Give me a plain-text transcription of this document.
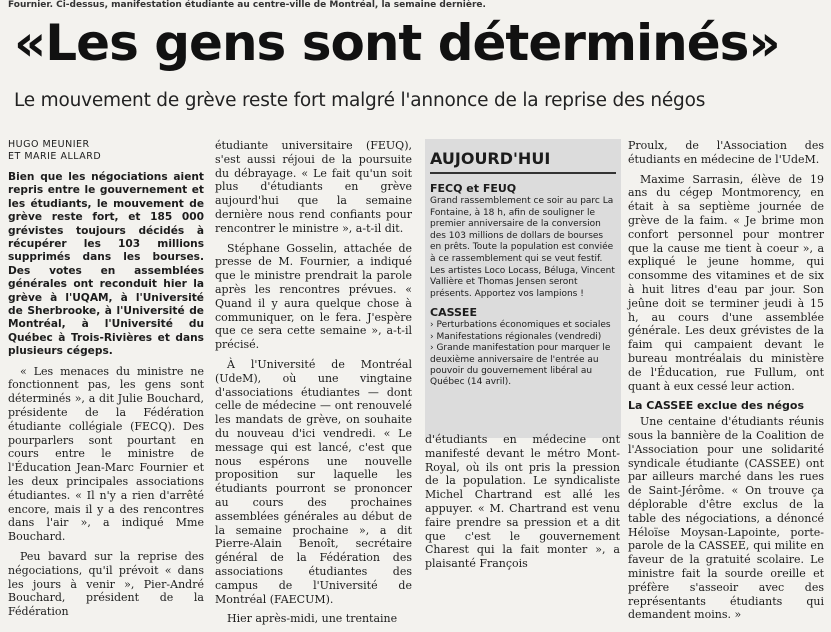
Fournier. Ci-dessus, manifestation étudiante au centre-ville de Montréal, la semaine dernière.
«Les gens sont déterminés»
Le mouvement de grève reste fort malgré l'annonce de la reprise des négos
HUGO MEUNIER
ET MARIE ALLARD

Bien que les négociations aient repris entre le gouvernement et les étudiants, le mouvement de grève reste fort, et 185 000 grévistes toujours décidés à récupérer les 103 millions supprimés dans les bourses. Des votes en assemblées générales ont reconduit hier la grève à l'UQAM, à l'Université de Sherbrooke, à l'Université de Montréal, à l'Université du Québec à Trois-Rivières et dans plusieurs cégeps.

« Les menaces du ministre ne fonctionnent pas, les gens sont déterminés », a dit Julie Bouchard, présidente de la Fédération étudiante collégiale (FECQ). Des pourparlers sont pourtant en cours entre le ministre de l'Éducation Jean-Marc Fournier et les deux principales associations étudiantes. « Il n'y a rien d'arrêté encore, mais il y a des rencontres dans l'air », a indiqué Mme Bouchard.

Peu bavard sur la reprise des négociations, qu'il prévoit « dans les jours à venir », Pier-André Bouchard, président de la Fédération

étudiante universitaire (FEUQ), s'est aussi réjoui de la poursuite du débrayage. « Le fait qu'un soit plus d'étudiants en grève aujourd'hui que la semaine dernière nous rend confiants pour rencontrer le ministre », a-t-il dit.

Stéphane Gosselin, attachée de presse de M. Fournier, a indiqué que le ministre prendrait la parole après les rencontres prévues. « Quand il y aura quelque chose à communiquer, on le fera. J'espère que ce sera cette semaine », a-t-il précisé.

À l'Université de Montréal (UdeM), où une vingtaine d'associations étudiantes — dont celle de médecine — ont renouvelé les mandats de grève, on souhaite du nouveau d'ici vendredi. « Le message qui est lancé, c'est que nous espérons une nouvelle proposition sur laquelle les étudiants pourront se prononcer au cours des prochaines assemblées générales au début de la semaine prochaine », a dit Pierre-Alain Benoît, secrétaire général de la Fédération des associations étudiantes des campus de l'Université de Montréal (FAECUM).

Hier après-midi, une trentaine

AUJOURD'HUI
FECQ et FEUQ
Grand rassemblement ce soir au parc La Fontaine, à 18 h, afin de souligner le premier anniversaire de la conversion des 103 millions de dollars de bourses en prêts. Toute la population est conviée à ce rassemblement qui se veut festif. Les artistes Loco Locass, Béluga, Vincent Vallière et Thomas Jensen seront présents. Apportez vos lampions !
CASSEE
› Perturbations économiques et sociales
› Manifestations régionales (vendredi)
› Grande manifestation pour marquer le deuxième anniversaire de l'entrée au pouvoir du gouvernement libéral au Québec (14 avril).

d'étudiants en médecine ont manifesté devant le métro Mont-Royal, où ils ont pris la pression de la population. Le syndicaliste Michel Chartrand est allé les appuyer. « M. Chartrand est venu faire prendre sa pression et a dit que c'est le gouvernement Charest qui la fait monter », a plaisanté François

Proulx, de l'Association des étudiants en médecine de l'UdeM.

Maxime Sarrasin, élève de 19 ans du cégep Montmorency, en était à sa septième journée de grève de la faim. « Je brime mon confort personnel pour montrer que la cause me tient à coeur », a expliqué le jeune homme, qui consomme des vitamines et de six à huit litres d'eau par jour. Son jeûne doit se terminer jeudi à 15 h, au cours d'une assemblée générale. Les deux grévistes de la faim qui campaient devant le bureau montréalais du ministère de l'Éducation, rue Fullum, ont quant à eux cessé leur action.

La CASSEE exclue des négos

Une centaine d'étudiants réunis sous la bannière de la Coalition de l'Association pour une solidarité syndicale étudiante (CASSEE) ont par ailleurs marché dans les rues de Saint-Jérôme. « On trouve ça déplorable d'être exclus de la table des négociations, a dénoncé Héloïse Moysan-Lapointe, porte-parole de la CASSEE, qui milite en faveur de la gratuité scolaire. Le ministre fait la sourde oreille et préfère s'asseoir avec des représentants étudiants qui demandent moins. »
